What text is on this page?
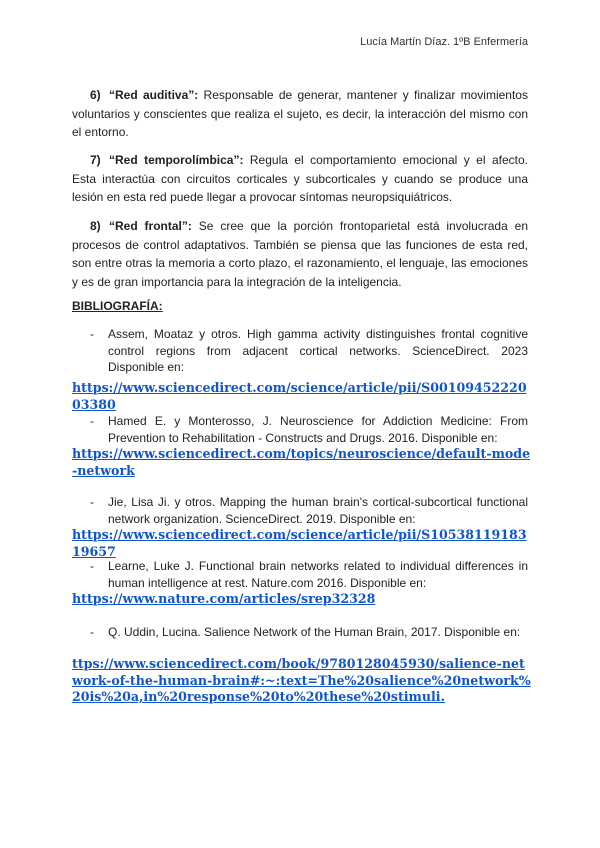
Lucía Martín Díaz. 1ºB Enfermería

6) “Red auditiva”: Responsable de generar, mantener y finalizar movimientos voluntarios y conscientes que realiza el sujeto, es decir, la interacción del mismo con el entorno.

7) “Red temporolímbica”: Regula el comportamiento emocional y el afecto. Esta interactúa con circuitos corticales y subcorticales y cuando se produce una lesión en esta red puede llegar a provocar síntomas neuropsiquiátricos.

8) “Red frontal”: Se cree que la porción frontoparietal está involucrada en procesos de control adaptativos. También se piensa que las funciones de esta red, son entre otras la memoria a corto plazo, el razonamiento, el lenguaje, las emociones y es de gran importancia para la integración de la inteligencia.

BIBLIOGRAFÍA:
- Assem, Moataz y otros. High gamma activity distinguishes frontal cognitive control regions from adjacent cortical networks. ScienceDirect. 2023 Disponible en:
https://www.sciencedirect.com/science/article/pii/S0010945222003380
- Hamed E. y Monterosso, J. Neuroscience for Addiction Medicine: From Prevention to Rehabilitation - Constructs and Drugs. 2016. Disponible en:
https://www.sciencedirect.com/topics/neuroscience/default-mode-network
- Jie, Lisa Ji. y otros. Mapping the human brain's cortical-subcortical functional network organization. ScienceDirect. 2019. Disponible en:
https://www.sciencedirect.com/science/article/pii/S1053811918319657
- Learne, Luke J. Functional brain networks related to individual differences in human intelligence at rest. Nature.com 2016. Disponible en:
https://www.nature.com/articles/srep32328
- Q. Uddin, Lucina. Salience Network of the Human Brain, 2017. Disponible en:
ttps://www.sciencedirect.com/book/9780128045930/salience-network-of-the-human-brain#:~:text=The%20salience%20network%20is%20a,in%20response%20to%20these%20stimuli.
